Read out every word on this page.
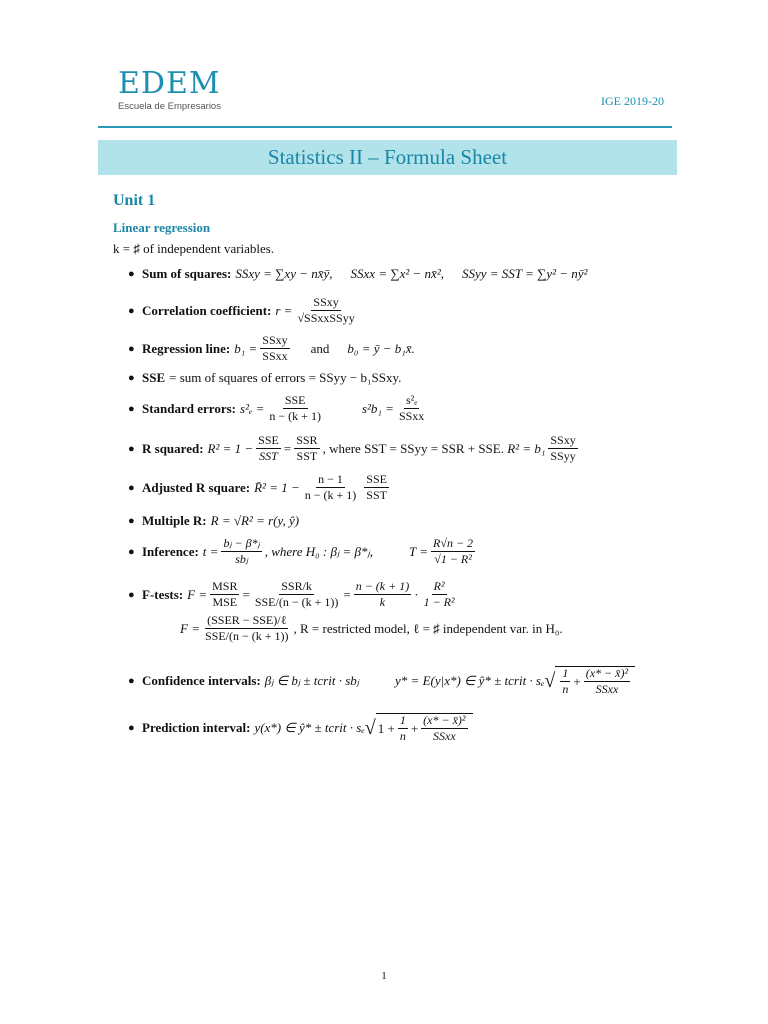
EDEM
Escuela de Empresarios	IGE 2019-20
Statistics II – Formula Sheet
Unit 1
Linear regression
k = ♯ of independent variables.
● Sum of squares: SSxy = ∑xy − nx̄ȳ, SSxx = ∑x² − nx̄², SSyy = SST = ∑y² − nȳ²
● Correlation coefficient: $r = \frac{\text{SSxy}}{\text{√SSxxSSyy}}$
● Regression line: $b_1 = \frac{\text{SSxy}}{\text{SSxx}}$ and b₀ = ȳ − b₁x̄.
● SSE = sum of squares of errors = SSyy − b₁SSxy.
● Standard errors: $s^2_e = \frac{\text{SSE}}{n - (k + 1)}$	$s^2b_1 = \frac{\text{s²ₑ}}{\text{SSxx}}$
● R squared: $R^2 = 1 - \frac{\text{SSE}}{\text{SST}} = \frac{\text{SSR}}{\text{SST}}$ , where SST = SSyy = SSR + SSE.
$R^2 = b_1 \frac{\text{SSxy}}{\text{SSyy}}$
● Adjusted R square: R̄² = $1 - \frac{n - 1}{n - (k + 1)} \frac{\text{SSE}}{\text{SST}}$
● Multiple R: R = √R² = r(y, ŷ)
● Inference: $t = \frac{\text{bⱼ − β*ⱼ}}{\text{sbⱼ}}$ , where H₀ : βⱼ = β*ⱼ,	$T = \frac{R√n - 2}{\text{√1 − R²}}$
● F-tests: $F = \frac{\text{MSR}}{\text{MSE}} = \frac{\text{SSR/k}}{\text{SSE/(n − (k + 1))}} = \frac{n - (k + 1)}{k} \cdot \frac{\text{R²}}{\text{1 − R²}}$
$F = \frac{\text{(SSER − SSE)/ℓ}}{\text{SSE/(n − (k + 1))}}$ , R = restricted model, ℓ = ♯ independent var. in H₀.
● Confidence intervals: βⱼ ∈ bⱼ ± tcrit · sbⱼ	y* = E(y|x*) ∈ ŷ* ± tcrit · sₑ √ $\frac{1}{n} + \frac{\text{(x* − x̄)²}}{\text{SSxx}}$
● Prediction interval: y(x*) ∈ ŷ* ± tcrit · sₑ √ $1 + \frac{1}{n} + \frac{\text{(x* − x̄)²}}{\text{SSxx}}$
1
